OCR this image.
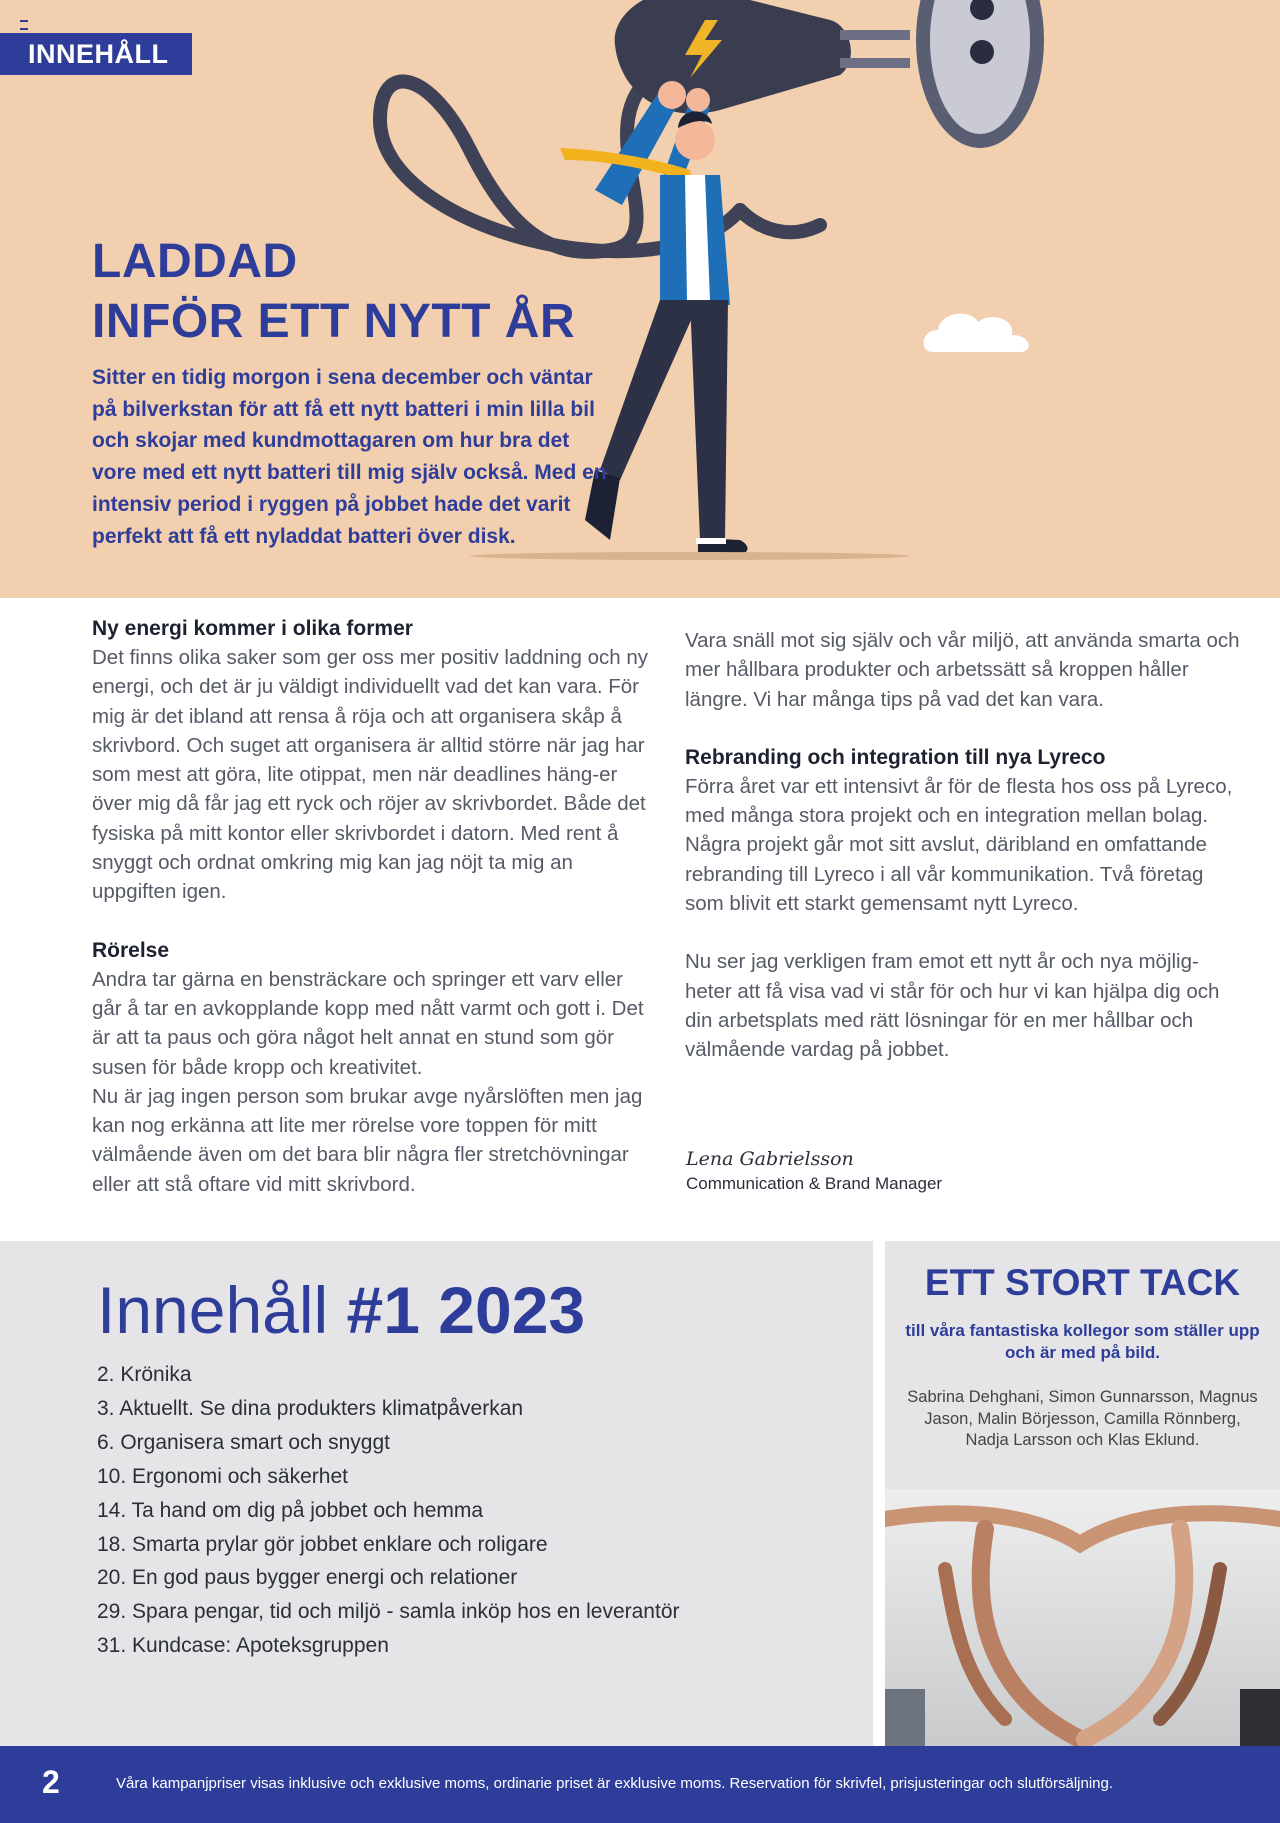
INNEHÅLL
LADDAD
INFÖR ETT NYTT ÅR

Sitter en tidig morgon i sena december och väntar på bilverkstan för att få ett nytt batteri i min lilla bil och skojar med kundmottagaren om hur bra det vore med ett nytt batteri till mig själv också. Med en intensiv period i ryggen på jobbet hade det varit perfekt att få ett nyladdat batteri över disk.

Ny energi kommer i olika former

Det finns olika saker som ger oss mer positiv laddning och ny energi, och det är ju väldigt individuellt vad det kan vara. För mig är det ibland att rensa å röja och att organisera skåp å skrivbord. Och suget att organisera är alltid större när jag har som mest att göra, lite otippat, men när deadlines häng-er över mig då får jag ett ryck och röjer av skrivbordet. Både det fysiska på mitt kontor eller skrivbordet i datorn. Med rent å snyggt och ordnat omkring mig kan jag nöjt ta mig an uppgiften igen.

Rörelse

Andra tar gärna en bensträckare och springer ett varv eller går å tar en avkopplande kopp med nått varmt och gott i. Det är att ta paus och göra något helt annat en stund som gör susen för både kropp och kreativitet.

Nu är jag ingen person som brukar avge nyårslöften men jag kan nog erkänna att lite mer rörelse vore toppen för mitt välmående även om det bara blir några fler stretchövningar eller att stå oftare vid mitt skrivbord.

Vara snäll mot sig själv och vår miljö, att använda smarta och mer hållbara produkter och arbetssätt så kroppen håller längre. Vi har många tips på vad det kan vara.

Rebranding och integration till nya Lyreco

Förra året var ett intensivt år för de flesta hos oss på Lyreco, med många stora projekt och en integration mellan bolag. Några projekt går mot sitt avslut, däribland en omfattande rebranding till Lyreco i all vår kommunikation. Två företag som blivit ett starkt gemensamt nytt Lyreco.

Nu ser jag verkligen fram emot ett nytt år och nya möjlig-heter att få visa vad vi står för och hur vi kan hjälpa dig och din arbetsplats med rätt lösningar för en mer hållbar och välmående vardag på jobbet.

Lena Gabrielsson
Communication & Brand Manager
Innehåll #1 2023
2. Krönika
3. Aktuellt. Se dina produkters klimatpåverkan
6. Organisera smart och snyggt
10. Ergonomi och säkerhet
14. Ta hand om dig på jobbet och hemma
18. Smarta prylar gör jobbet enklare och roligare
20. En god paus bygger energi och relationer
29. Spara pengar, tid och miljö - samla inköp hos en leverantör
31. Kundcase: Apoteksgruppen
ETT STORT TACK

till våra fantastiska kollegor som ställer upp och är med på bild.

Sabrina Dehghani, Simon Gunnarsson, Magnus Jason, Malin Börjesson, Camilla Rönnberg, Nadja Larsson och Klas Eklund.

2	Våra kampanjpriser visas inklusive och exklusive moms, ordinarie priset är exklusive moms. Reservation för skrivfel, prisjusteringar och slutförsäljning.
